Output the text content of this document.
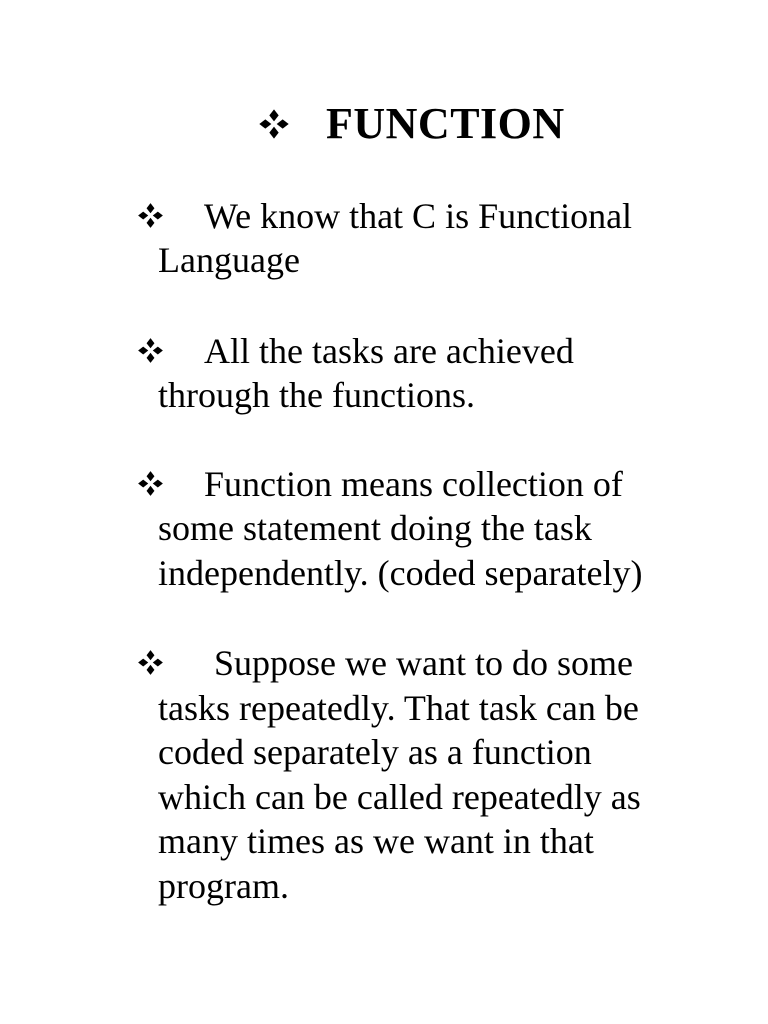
FUNCTION
We know that C is Functional
Language
All the tasks are achieved
through the functions.
Function means collection of
some statement doing the task
independently. (coded separately)
Suppose we want to do some
tasks repeatedly. That task can be
coded separately as a function
which can be called repeatedly as
many times as we want in that
program.
